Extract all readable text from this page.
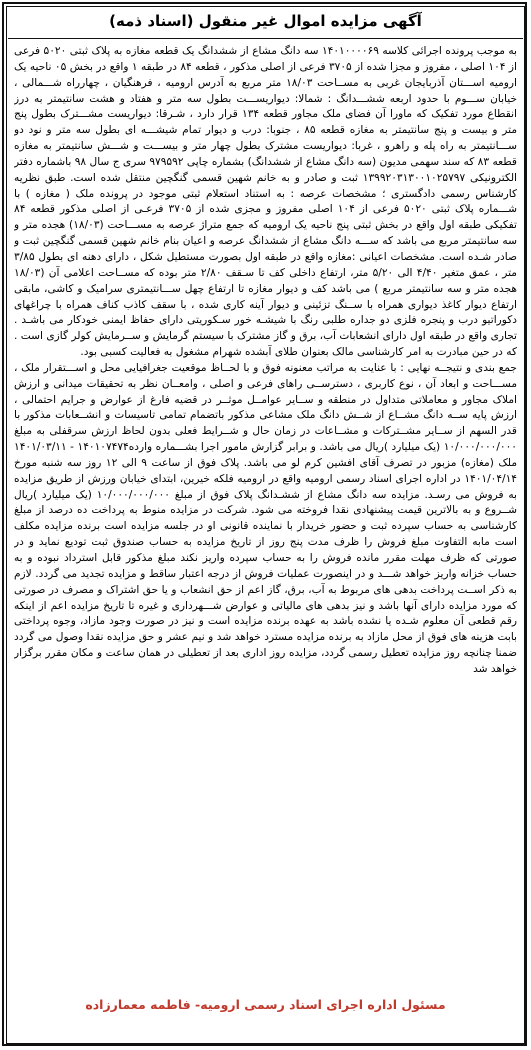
آگهی مزایده اموال غیر منقول (اسناد ذمه)

به موجب پرونده اجرائی کلاسه ۱۴۰۱۰۰۰۰۶۹ سه دانگ مشاع از ششدانگ یک قطعه مغازه به پلاک ثبتی ۵۰۲۰ فرعی از ۱۰۴ اصلی ، مفروز و مجزا شده از ۳۷۰۵ فرعی از اصلی مذکور ، قطعه ۸۴ در طبقه ۱ واقع در بخش ۰۵ ناحیه یک ارومیه اســـتان آذربایجان غربی به مســاحت ۱۸/۰۳ متر مربع به آدرس ارومیه ، فرهنگیان ، چهارراه شـــمالی ، خیابان ســـوم با حدود اربعه ششـــدانگ : شمالا: دیواریســـت بطول سه متر و هفتاد و هشت سانتیمتر به درز انقطاع مورد تفکیک که ماورا آن فضای ملک مجاور قطعه ۱۳۴ قرار دارد ، شـرقا: دیواریست مشـــترک بطول پنج متر و بیست و پنج سانتیمتر به مغازه قطعه ۸۵ ، جنوبا: درب و دیوار تمام شیشـــه ای بطول سه متر و نود دو ســـانتیمتر به راه پله و راهرو ، غربا: دیواریست مشترک بطول چهار متر و بیســـت و شـــش سانتیمتر به مغازه قطعه ۸۳ که سند سهمی مدیون (سه دانگ مشاع از ششدانگ) بشماره چاپی ۹۷۹۵۹۲ سری ج سال ۹۸ باشماره دفتر الکترونیکی ۱۳۹۹۲۰۳۱۳۰۰۱۰۲۵۷۹۷ ثبت و صادر و به خانم شهین قسمی گنگچین منتقل شده است. طبق نظریه کارشناس رسمی دادگستری ؛ مشخصات عرصه : به استناد استعلام ثبتی موجود در پرونده ملک ( مغازه ) با شـــماره پلاک ثبتی ۵۰۲۰ فرعی از ۱۰۴ اصلی مفروز و مجزی شده از ۳۷۰۵ فرعـی از اصلی مذکور قطعه ۸۴ تفکیکی طبقه اول واقع در بخش ثبتی پنج ناحیه یک ارومیه که جمع متراژ عرصه به مســـاحت (۱۸/۰۳) هجده متر و سه سانتیمتر مربع می باشد که ســـه دانگ مشاع از ششدانگ عرصه و اعیان بنام خانم شهین قسمی گنگچین ثبت و صادر شـده است. مشخصات اعیانی :مغازه واقع در طبقه اول بصورت مستطیل شکل ، دارای دهنه ای بطول ۳/۸۵ متر ، عمق متغیر ۴/۴۰ الی ۵/۲۰ متر، ارتفاع داخلی کف تا سـقف ۲/۸۰ متر بوده که مســاحت اعلامی آن (۱۸/۰۳ هجده متر و سه سانتیمتر مربع ) می باشد کف و دیوار مغازه تا ارتفاع چهل ســـانتیمتری سرامیک و کاشی، مابقی ارتفاع دیوار کاغذ دیواری همراه با ســنگ تزئینی و دیوار آینه کاری شده ، با سقف کاذب کناف همراه با چراغهای دکوراتیو درب و پنجره فلزی دو جداره طلبی رنگ با شیشـه خور سـکوریتی دارای حفاظ ایمنی خودکار می باشـد . تجاری واقع در طبقه اول دارای انشعابات آب، برق و گاز مشترک با سیستم گرمایش و ســرمایش کولر گازی است . که در حین مبادرت به امر کارشناسی مالک بعنوان طلای آبشده شهرام مشغول به فعالیت کسبی بود.

جمع بندی و نتیجــه نهایی : با عنایت به مراتب معنونه فوق و با لحــاظ موقعیت جغرافیایی محل و اســـتقرار ملک ، مســـاحت و ابعاد آن ، نوع کاربری ، دسترســی راهای فرعی و اصلی ، وامعــان نظر به تحقیقات میدانی و ارزش املاک مجاور و معاملاتی متداول در منطقه و ســایر عوامــل موثــر در قضیه فارغ از عوارض و جرایم احتمالی ، ارزش پایه ســه دانگ مشــاع از شــش دانگ ملک مشاعی مذکور باتضمام تمامی تاسیسات و انشــعابات مذکور با قدر السهم از ســایر مشــترکات و مشــاعات در زمان حال و شــرایط فعلی بدون لحاظ ارزش سرقفلی به مبلغ ۱۰/۰۰۰/۰۰۰/۰۰۰ (یک میلیارد )ریال می باشد. و برابر گزارش مامور اجرا بشـــماره وارده۱۴۰۱۰۷۴۷۴ - ۱۴۰۱/۰۳/۱۱ ملک (مغازه) مزبور در تصرف آقای افشین کرم لو می باشد. پلاک فوق از ساعت ۹ الی ۱۲ روز سه شنبه مورخ ۱۴۰۱/۰۴/۱۴ در اداره اجرای اسناد رسمی ارومیه واقع در ارومیه فلکه خیرین، ابتدای خیابان ورزش از طریق مزایده به فروش می رسـد. مزایده سه دانگ مشاع از ششـدانگ پلاک فوق از مبلغ ۱۰/۰۰۰/۰۰۰/۰۰۰ (یک میلیارد )ریال شــروع و به بالاترین قیمت پیشنهادی نقدا فروخته می شود. شرکت در مزایده منوط به پرداخت ده درصد از مبلغ کارشناسی به حساب سپرده ثبت و حضور خریدار با نماینده قانونی او در جلسه مزایده است برنده مزایده مکلف است مابه التفاوت مبلغ فروش را ظرف مدت پنج روز از تاریخ مزایده به حساب صندوق ثبت تودیع نماید و در صورتی که ظرف مهلت مقرر مانده فروش را به حساب سپرده واریز نکند مبلغ مذکور قابل استرداد نبوده و به حساب خزانه واریز خواهد شـــد و در اینصورت عملیات فروش از درجه اعتبار ساقط و مزایده تجدید می گردد. لازم به ذکر اســت پرداخت بدهی های مربوط به آب، برق، گاز اعم از حق انشعاب و یا حق اشتراک و مصرف در صورتی که مورد مزایده دارای آنها باشد و نیز بدهی های مالیاتی و عوارض شـــهرداری و غیره تا تاریخ مزایده اعم از اینکه رقم قطعی آن معلوم شـده یا نشده باشد به عهده برنده مزایده است و نیز در صورت وجود مازاد، وجوه پرداختی بابت هزینه های فوق از محل مازاد به برنده مزایده مسترد خواهد شد و نیم عشر و حق مزایده نقدا وصول می گردد ضمنا چنانچه روز مزایده تعطیل رسمی گردد، مزایده روز اداری بعد از تعطیلی در همان ساعت و مکان مقرر برگزار خواهد شد

مسئول اداره اجرای اسناد رسمی ارومیه- فاطمه معمارزاده
